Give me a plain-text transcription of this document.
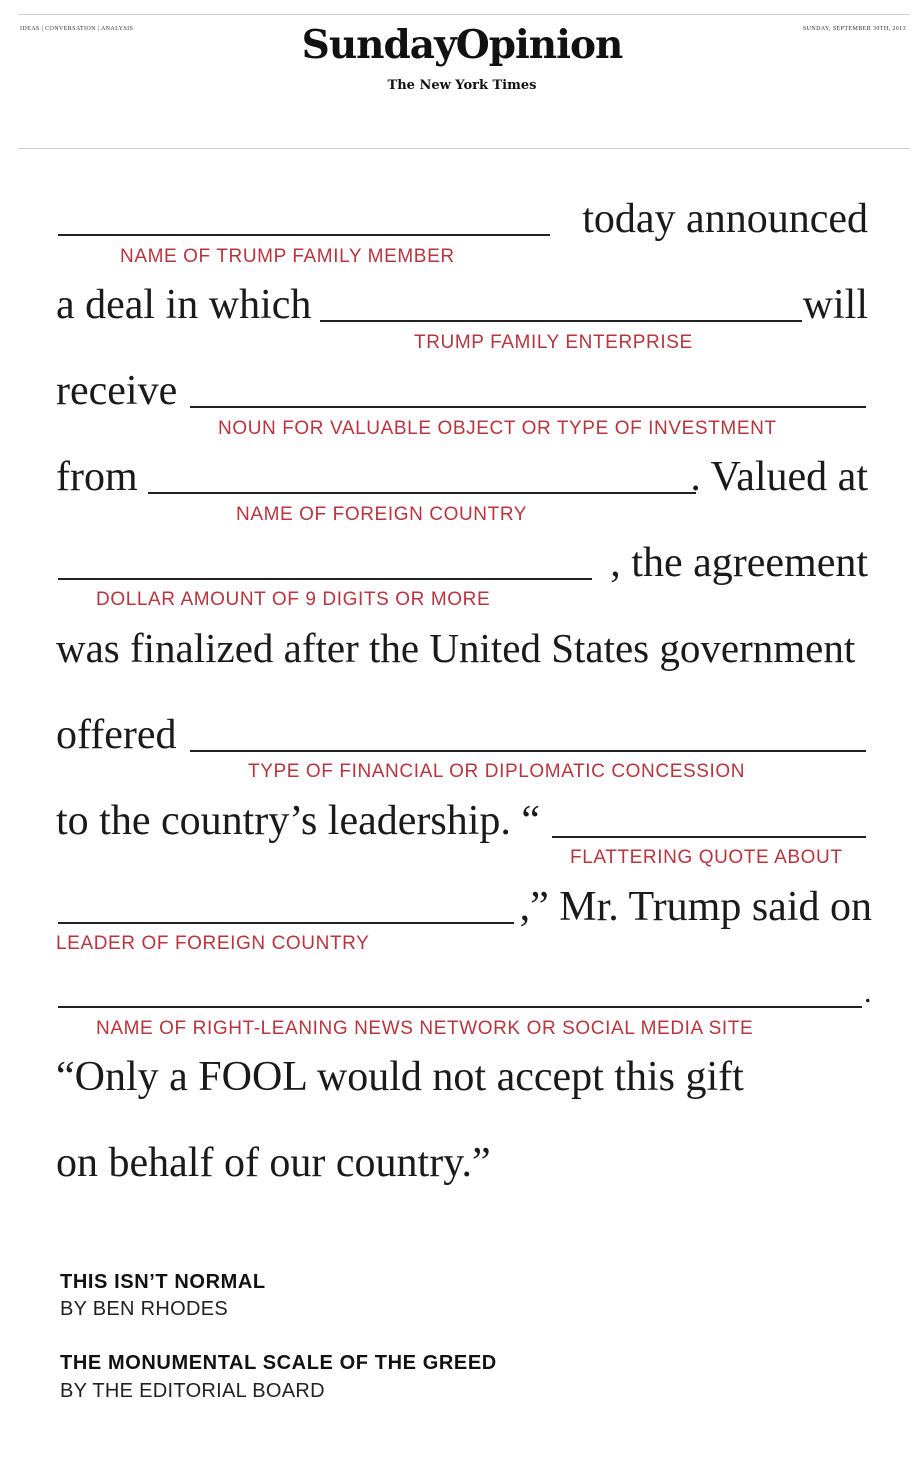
IDEAS | CONVERSATION | ANALYSIS	SundayOpinion	SUNDAY, SEPTEMBER 30TH, 2013
The New York Times
today announced
NAME OF TRUMP FAMILY MEMBER
a deal in which	will
TRUMP FAMILY ENTERPRISE
receive
NOUN FOR VALUABLE OBJECT OR TYPE OF INVESTMENT
from	. Valued at
NAME OF FOREIGN COUNTRY
, the agreement
DOLLAR AMOUNT OF 9 DIGITS OR MORE
was finalized after the United States government
offered
TYPE OF FINANCIAL OR DIPLOMATIC CONCESSION
to the country’s leadership. “
FLATTERING QUOTE ABOUT
,” Mr. Trump said on
LEADER OF FOREIGN COUNTRY
.
NAME OF RIGHT-LEANING NEWS NETWORK OR SOCIAL MEDIA SITE
“Only a FOOL would not accept this gift
on behalf of our country.”
THIS ISN’T NORMAL
BY BEN RHODES
THE MONUMENTAL SCALE OF THE GREED
BY THE EDITORIAL BOARD
